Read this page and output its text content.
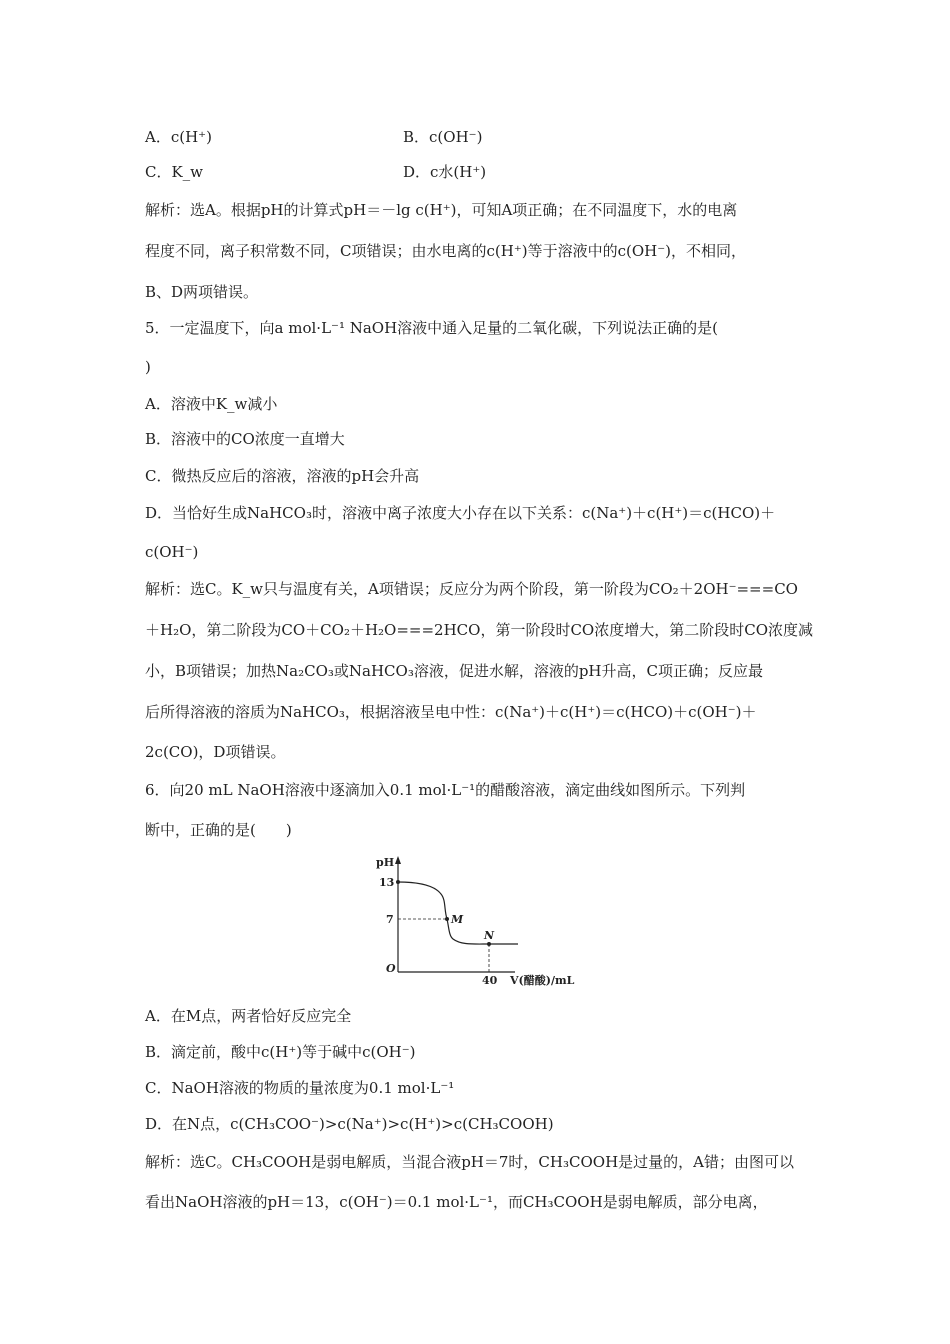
A．c(H⁺)	B．c(OH⁻)
C．K_w	D．c水(H⁺)
解析：选A。根据pH的计算式pH＝－lg c(H⁺)，可知A项正确；在不同温度下，水的电离
程度不同，离子积常数不同，C项错误；由水电离的c(H⁺)等于溶液中的c(OH⁻)，不相同，
B、D两项错误。
5．一定温度下，向a mol·L⁻¹ NaOH溶液中通入足量的二氧化碳，下列说法正确的是(
)
A．溶液中K_w减小
B．溶液中的CO浓度一直增大
C．微热反应后的溶液，溶液的pH会升高
D．当恰好生成NaHCO₃时，溶液中离子浓度大小存在以下关系：c(Na⁺)＋c(H⁺)＝c(HCO)＋
c(OH⁻)
解析：选C。K_w只与温度有关，A项错误；反应分为两个阶段，第一阶段为CO₂＋2OH⁻===CO
＋H₂O，第二阶段为CO＋CO₂＋H₂O===2HCO，第一阶段时CO浓度增大，第二阶段时CO浓度减
小，B项错误；加热Na₂CO₃或NaHCO₃溶液，促进水解，溶液的pH升高，C项正确；反应最
后所得溶液的溶质为NaHCO₃，根据溶液呈电中性：c(Na⁺)＋c(H⁺)＝c(HCO)＋c(OH⁻)＋
2c(CO)，D项错误。
6．向20 mL NaOH溶液中逐滴加入0.1 mol·L⁻¹的醋酸溶液，滴定曲线如图所示。下列判
断中，正确的是(　　)
pH
13
7
O
40
M
N
V(醋酸)/mL
A．在M点，两者恰好反应完全
B．滴定前，酸中c(H⁺)等于碱中c(OH⁻)
C．NaOH溶液的物质的量浓度为0.1 mol·L⁻¹
D．在N点，c(CH₃COO⁻)>c(Na⁺)>c(H⁺)>c(CH₃COOH)
解析：选C。CH₃COOH是弱电解质，当混合液pH＝7时，CH₃COOH是过量的，A错；由图可以
看出NaOH溶液的pH＝13，c(OH⁻)＝0.1 mol·L⁻¹，而CH₃COOH是弱电解质，部分电离，
